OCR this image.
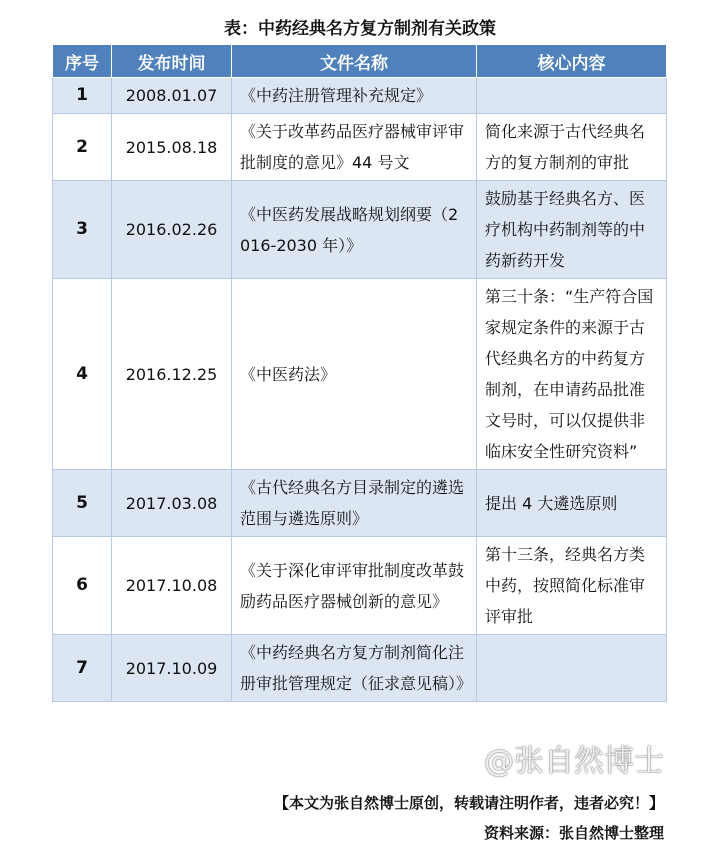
表：中药经典名方复方制剂有关政策
序号	发布时间	文件名称	核心内容
1	2008.01.07	《中药注册管理补充规定》	
2	2015.08.18	《关于改革药品医疗器械审评审批制度的意见》44 号文	简化来源于古代经典名方的复方制剂的审批
3	2016.02.26	《中医药发展战略规划纲要（2016-2030 年）》	鼓励基于经典名方、医疗机构中药制剂等的中药新药开发
4	2016.12.25	《中医药法》	第三十条：“生产符合国家规定条件的来源于古代经典名方的中药复方制剂，在申请药品批准文号时，可以仅提供非临床安全性研究资料”
5	2017.03.08	《古代经典名方目录制定的遴选范围与遴选原则》	提出 4 大遴选原则
6	2017.10.08	《关于深化审评审批制度改革鼓励药品医疗器械创新的意见》	第十三条，经典名方类中药，按照简化标准审评审批
7	2017.10.09	《中药经典名方复方制剂简化注册审批管理规定（征求意见稿）》	
@张自然博士
【本文为张自然博士原创，转载请注明作者，违者必究！】
资料来源：张自然博士整理
